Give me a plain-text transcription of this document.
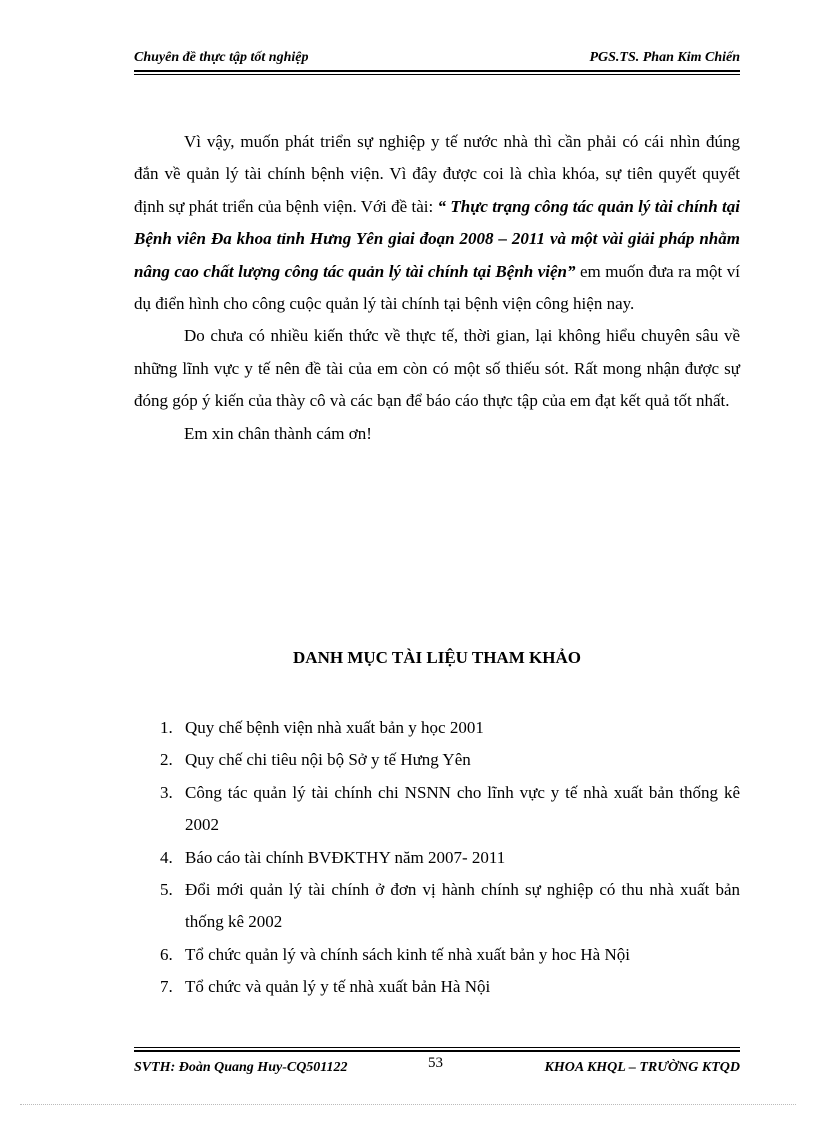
Chuyên đề thực tập tốt nghiệp	PGS.TS. Phan Kim Chiến

Vì vậy, muốn phát triển sự nghiệp y tế nước nhà thì cần phải có cái nhìn đúng đắn về quản lý tài chính bệnh viện. Vì đây được coi là chìa khóa, sự tiên quyết quyết định sự phát triển của bệnh viện. Với đề tài: “ Thực trạng công tác quản lý tài chính tại Bệnh viên Đa khoa tỉnh Hưng Yên giai đoạn 2008 – 2011 và một vài giải pháp nhằm nâng cao chất lượng công tác quản lý tài chính tại Bệnh viện” em muốn đưa ra một ví dụ điển hình cho công cuộc quản lý tài chính tại bệnh viện công hiện nay.

Do chưa có nhiều kiến thức về thực tế, thời gian, lại không hiểu chuyên sâu về những lĩnh vực y tế nên đề tài của em còn có một số thiếu sót. Rất mong nhận được sự đóng góp ý kiến của thày cô và các bạn để báo cáo thực tập của em đạt kết quả tốt nhất.

Em xin chân thành cám ơn!

DANH MỤC TÀI LIỆU THAM KHẢO
1. Quy chế bệnh viện nhà xuất bản y học 2001
2. Quy chế chi tiêu nội bộ Sở y tế Hưng Yên
3. Công tác quản lý tài chính chi NSNN cho lĩnh vực y tế nhà xuất bản thống kê 2002
4. Báo cáo tài chính BVĐKTHY năm 2007- 2011
5. Đổi mới quản lý tài chính ở đơn vị hành chính sự nghiệp có thu nhà xuất bản thống kê 2002
6. Tổ chức quản lý và chính sách kinh tế nhà xuất bản y hoc Hà Nội
7. Tổ chức và quản lý y tế nhà xuất bản Hà Nội
SVTH: Đoàn Quang Huy-CQ501122	53	KHOA KHQL – TRƯỜNG KTQD
